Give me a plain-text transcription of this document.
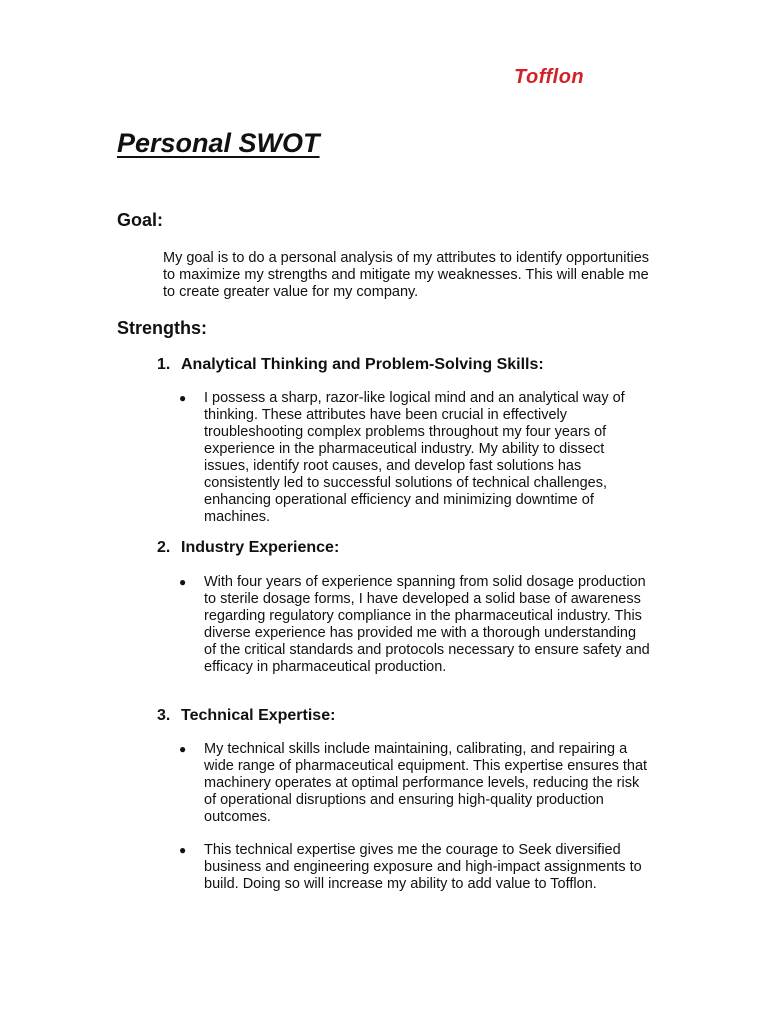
Tofflon
Personal SWOT
Goal:

My goal is to do a personal analysis of my attributes to identify opportunities to maximize my strengths and mitigate my weaknesses. This will enable me to create greater value for my company.

Strengths:
1. Analytical Thinking and Problem-Solving Skills:
● I possess a sharp, razor-like logical mind and an analytical way of thinking. These attributes have been crucial in effectively troubleshooting complex problems throughout my four years of experience in the pharmaceutical industry. My ability to dissect issues, identify root causes, and develop fast solutions has consistently led to successful solutions of technical challenges, enhancing operational efficiency and minimizing downtime of machines.
2. Industry Experience:
● With four years of experience spanning from solid dosage production to sterile dosage forms, I have developed a solid base of awareness regarding regulatory compliance in the pharmaceutical industry. This diverse experience has provided me with a thorough understanding of the critical standards and protocols necessary to ensure safety and efficacy in pharmaceutical production.
3. Technical Expertise:
● My technical skills include maintaining, calibrating, and repairing a wide range of pharmaceutical equipment. This expertise ensures that machinery operates at optimal performance levels, reducing the risk of operational disruptions and ensuring high-quality production outcomes.
● This technical expertise gives me the courage to Seek diversified business and engineering exposure and high-impact assignments to build. Doing so will increase my ability to add value to Tofflon.
